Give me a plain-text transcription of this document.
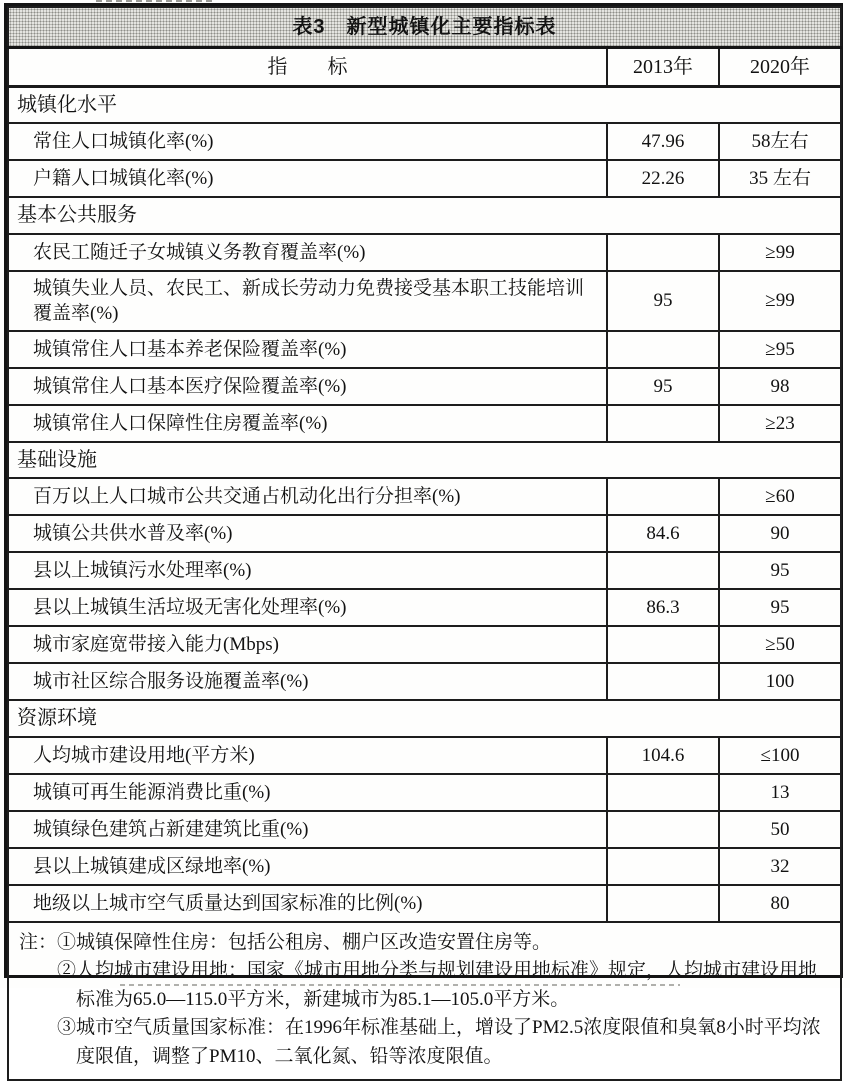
表3　新型城镇化主要指标表		
指　　标	2013年	2020年
城镇化水平		
常住人口城镇化率(%)	47.96	58左右
户籍人口城镇化率(%)	22.26	35 左右
基本公共服务		
农民工随迁子女城镇义务教育覆盖率(%)		≥99
城镇失业人员、农民工、新成长劳动力免费接受基本职工技能培训覆盖率(%)	95	≥99
城镇常住人口基本养老保险覆盖率(%)		≥95
城镇常住人口基本医疗保险覆盖率(%)	95	98
城镇常住人口保障性住房覆盖率(%)		≥23
基础设施		
百万以上人口城市公共交通占机动化出行分担率(%)		≥60
城镇公共供水普及率(%)	84.6	90
县以上城镇污水处理率(%)		95
县以上城镇生活垃圾无害化处理率(%)	86.3	95
城市家庭宽带接入能力(Mbps)		≥50
城市社区综合服务设施覆盖率(%)		100
资源环境		
人均城市建设用地(平方米)	104.6	≤100
城镇可再生能源消费比重(%)		13
城镇绿色建筑占新建建筑比重(%)		50
县以上城镇建成区绿地率(%)		32
地级以上城市空气质量达到国家标准的比例(%)		80

注： ①城镇保障性住房：包括公租房、棚户区改造安置住房等。
②人均城市建设用地：国家《城市用地分类与规划建设用地标准》规定，人均城市建设用地标准为65.0—115.0平方米，新建城市为85.1—105.0平方米。
③城市空气质量国家标准：在1996年标准基础上，增设了PM2.5浓度限值和臭氧8小时平均浓度限值，调整了PM10、二氧化氮、铅等浓度限值。		
